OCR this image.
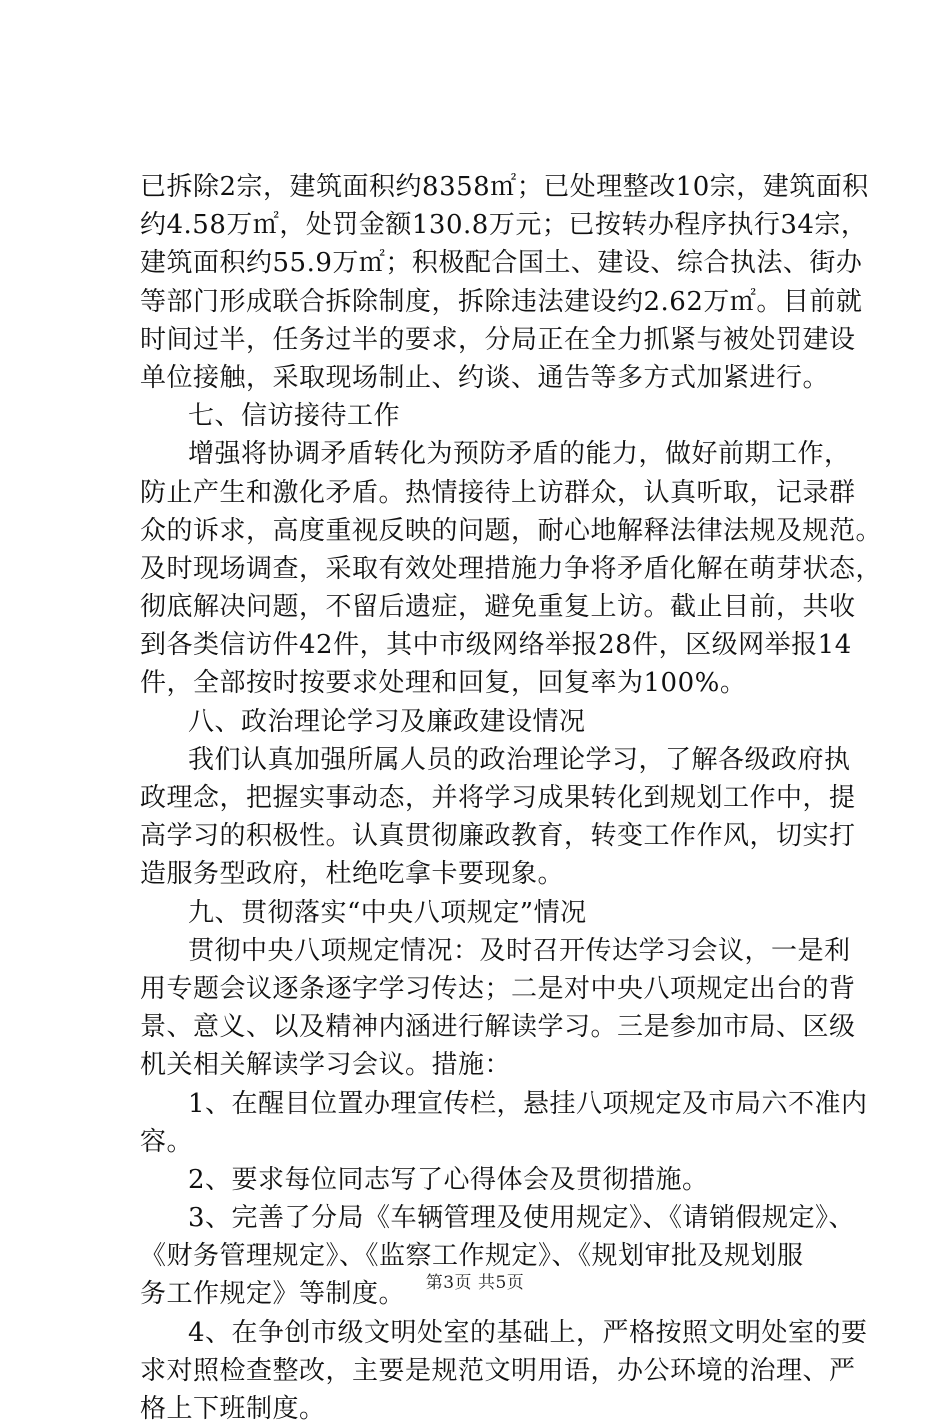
已拆除2宗，建筑面积约8358㎡；已处理整改10宗，建筑面积
约4.58万㎡，处罚金额130.8万元；已按转办程序执行34宗，
建筑面积约55.9万㎡；积极配合国土、建设、综合执法、街办
等部门形成联合拆除制度，拆除违法建设约2.62万㎡。目前就
时间过半，任务过半的要求，分局正在全力抓紧与被处罚建设
单位接触，采取现场制止、约谈、通告等多方式加紧进行。
七、信访接待工作
增强将协调矛盾转化为预防矛盾的能力，做好前期工作，
防止产生和激化矛盾。热情接待上访群众，认真听取，记录群
众的诉求，高度重视反映的问题，耐心地解释法律法规及规范。
及时现场调查，采取有效处理措施力争将矛盾化解在萌芽状态，
彻底解决问题，不留后遗症，避免重复上访。截止目前，共收
到各类信访件42件，其中市级网络举报28件，区级网举报14
件，全部按时按要求处理和回复，回复率为100%。
八、政治理论学习及廉政建设情况
我们认真加强所属人员的政治理论学习，了解各级政府执
政理念，把握实事动态，并将学习成果转化到规划工作中，提
高学习的积极性。认真贯彻廉政教育，转变工作作风，切实打
造服务型政府，杜绝吃拿卡要现象。
九、贯彻落实“中央八项规定”情况
贯彻中央八项规定情况：及时召开传达学习会议，一是利
用专题会议逐条逐字学习传达；二是对中央八项规定出台的背
景、意义、以及精神内涵进行解读学习。三是参加市局、区级
机关相关解读学习会议。措施：
1、在醒目位置办理宣传栏，悬挂八项规定及市局六不准内
容。
2、要求每位同志写了心得体会及贯彻措施。
3、完善了分局《车辆管理及使用规定》、《请销假规定》、
《财务管理规定》、《监察工作规定》、《规划审批及规划服
务工作规定》等制度。
4、在争创市级文明处室的基础上，严格按照文明处室的要
求对照检查整改，主要是规范文明用语，办公环境的治理、严
格上下班制度。
第3页 共5页
